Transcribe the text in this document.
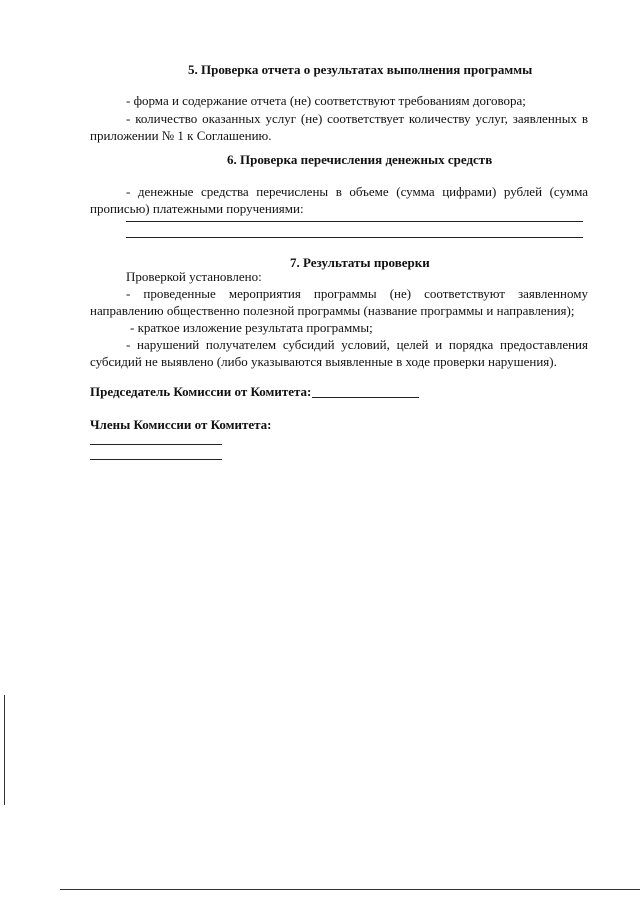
5. Проверка отчета о результатах выполнения программы
- форма и содержание отчета (не) соответствуют требованиям договора;
- количество оказанных услуг (не) соответствует количеству услуг, заявленных в приложении № 1 к Соглашению.
6. Проверка перечисления денежных средств
- денежные средства перечислены в объеме (сумма цифрами) рублей (сумма прописью) платежными поручениями:
7. Результаты проверки
Проверкой установлено:
- проведенные мероприятия программы (не) соответствуют заявленному направлению общественно полезной программы (название программы и направления);
- краткое изложение результата программы;
- нарушений получателем субсидий условий, целей и порядка предоставления субсидий не выявлено (либо указываются выявленные в ходе проверки нарушения).
Председатель Комиссии от Комитета:
Члены Комиссии от Комитета:
